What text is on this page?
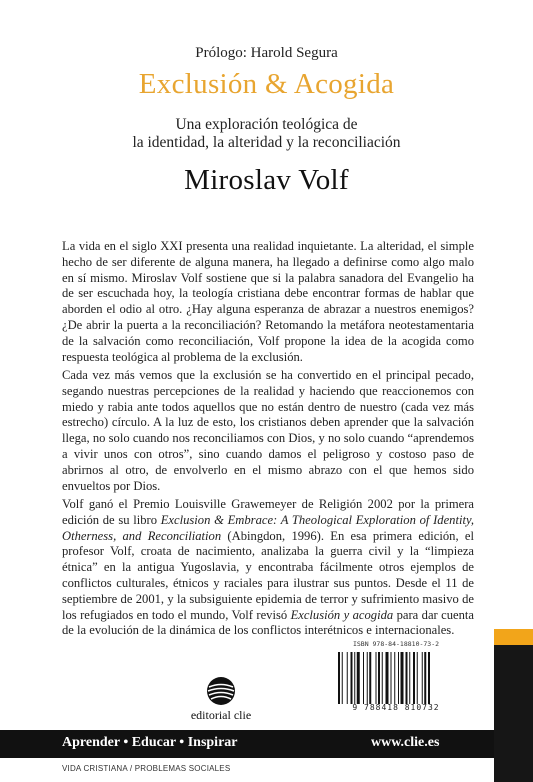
Prólogo: Harold Segura
Exclusión & Acogida
Una exploración teológica de
la identidad, la alteridad y la reconciliación
Miroslav Volf
La vida en el siglo XXI presenta una realidad inquietante. La alteridad, el simple hecho de ser diferente de alguna manera, ha llegado a definirse como algo malo en sí mismo. Miroslav Volf sostiene que si la palabra sanadora del Evangelio ha de ser escuchada hoy, la teología cristiana debe encontrar formas de hablar que aborden el odio al otro. ¿Hay alguna esperanza de abrazar a nuestros enemigos? ¿De abrir la puerta a la reconciliación? Retomando la metáfora neotestamentaria de la salvación como reconciliación, Volf propone la idea de la acogida como respuesta teológica al problema de la exclusión.
Cada vez más vemos que la exclusión se ha convertido en el principal pecado, segando nuestras percepciones de la realidad y haciendo que reaccionemos con miedo y rabia ante todos aquellos que no están dentro de nuestro (cada vez más estrecho) círculo. A la luz de esto, los cristianos deben aprender que la salvación llega, no solo cuando nos reconciliamos con Dios, y no solo cuando “aprendemos a vivir unos con otros”, sino cuando damos el peligroso y costoso paso de abrirnos al otro, de envolverlo en el mismo abrazo con el que hemos sido envueltos por Dios.
Volf ganó el Premio Louisville Grawemeyer de Religión 2002 por la primera edición de su libro Exclusion & Embrace: A Theological Exploration of Identity, Otherness, and Reconciliation (Abingdon, 1996). En esa primera edición, el profesor Volf, croata de nacimiento, analizaba la guerra civil y la “limpieza étnica” en la antigua Yugoslavia, y encontraba fácilmente otros ejemplos de conflictos culturales, étnicos y raciales para ilustrar sus puntos. Desde el 11 de septiembre de 2001, y la subsiguiente epidemia de terror y sufrimiento masivo de los refugiados en todo el mundo, Volf revisó Exclusión y acogida para dar cuenta de la evolución de la dinámica de los conflictos interétnicos e internacionales.
ISBN 978-84-18810-73-2
9 788418 810732
editorial clie
Aprender • Educar • Inspirar	www.clie.es
VIDA CRISTIANA / PROBLEMAS SOCIALES
